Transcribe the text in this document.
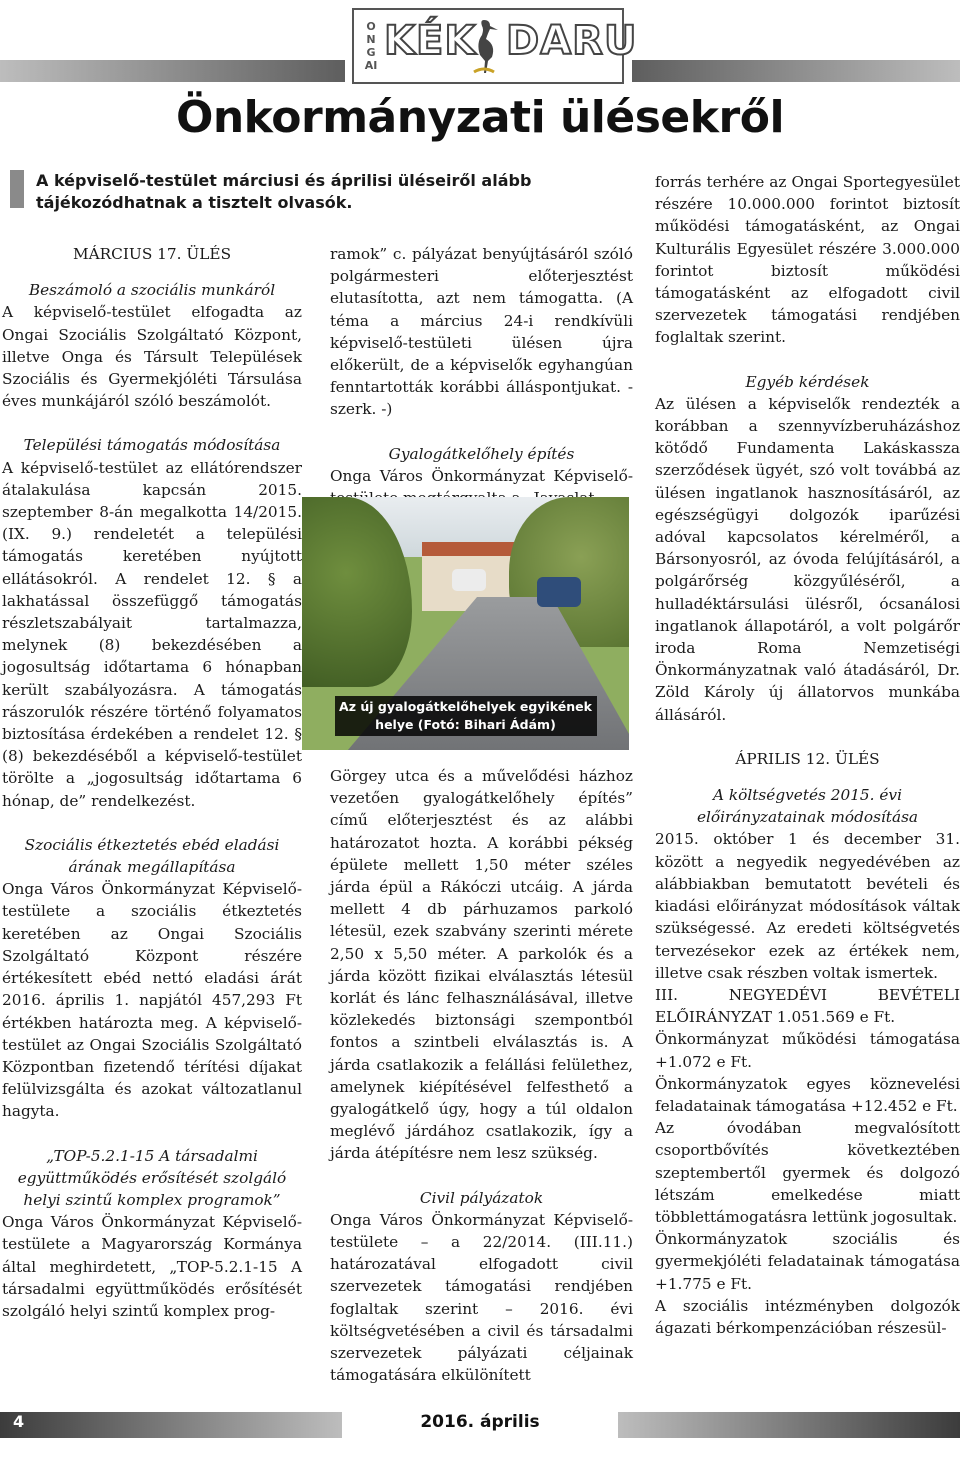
ONGAI
KÉK DARU
Önkormányzati ülésekről
A képviselő-testület márciusi és áprilisi üléseiről alább tájékozódhatnak a tisztelt olvasók.

MÁRCIUS 17. ÜLÉS

Beszámoló a szociális munkáról

A képviselő-testület elfogadta az Ongai Szociális Szolgáltató Központ, illetve Onga és Társult Települések Szociális és Gyermekjóléti Társulása éves munkájáról szóló beszámolót.

Települési támogatás módosítása

A képviselő-testület az ellátórendszer átalakulása kapcsán 2015. szeptember 8-án megalkotta 14/2015. (IX. 9.) rendeletét a települési támogatás keretében nyújtott ellátásokról. A rendelet 12. § a lakhatással összefüggő támogatás részletszabályait tartalmazza, melynek (8) bekezdésében a jogosultság időtartama 6 hónapban került szabályozásra. A támogatás rászorulók részére történő folyamatos biztosítása érdekében a rendelet 12. § (8) bekezdéséből a képviselő-testület törölte a „jogosultság időtartama 6 hónap, de” rendelkezést.

Szociális étkeztetés ebéd eladási árának megállapítása

Onga Város Önkormányzat Képviselő-testülete a szociális étkeztetés keretében az Ongai Szociális Szolgáltató Központ részére értékesített ebéd nettó eladási árát 2016. április 1. napjától 457,293 Ft értékben határozta meg. A képviselő-testület az Ongai Szociális Szolgáltató Központban fizetendő térítési díjakat felülvizsgálta és azokat változatlanul hagyta.

„TOP-5.2.1-15 A társadalmi együttműködés erősítését szolgáló helyi szintű komplex programok”

Onga Város Önkormányzat Képviselő-testülete a Magyarország Kormánya által meghirdetett, „TOP-5.2.1-15 A társadalmi együttműködés erősítését szolgáló helyi szintű komplex prog-

ramok” c. pályázat benyújtásáról szóló polgármesteri előterjesztést elutasította, azt nem támogatta. (A téma a március 24-i rendkívüli képviselő-testületi ülésen újra előkerült, de a képviselők egyhangúan fenntartották korábbi álláspontjukat. - szerk. -)

Gyalogátkelőhely építés

Onga Város Önkormányzat Képviselő-

Az új gyalogátkelőhelyek egyikének helye (Fotó: Bihari Ádám)

Görgey utca és a művelődési házhoz vezetően gyalogátkelőhely építés” című előterjesztést és az alábbi határozatot hozta. A korábbi pékség épülete mellett 1,50 méter széles járda épül a Rákóczi utcáig. A járda mellett 4 db párhuzamos parkoló létesül, ezek szabvány szerinti mérete 2,50 x 5,50 méter. A parkolók és a járda között fizikai elválasztás létesül korlát és lánc felhasználásával, illetve közlekedés biztonsági szempontból fontos a szintbeli elválasztás is. A járda csatlakozik a felállási felülethez, amelynek kiépítésével felfesthető a gyalogátkelő úgy, hogy a túl oldalon meglévő járdához csatlakozik, így a járda átépítésre nem lesz szükség.

Civil pályázatok

Onga Város Önkormányzat Képviselő-testülete – a 22/2014. (III.11.) határozatával elfogadott civil szervezetek támogatási rendjében foglaltak szerint – 2016. évi költségvetésében a civil és társadalmi szervezetek pályázati céljainak támogatására elkülönített

forrás terhére az Ongai Sportegyesület részére 10.000.000 forintot biztosít működési támogatásként, az Ongai Kulturális Egyesület részére 3.000.000 forintot biztosít működési támogatásként az elfogadott civil szervezetek támogatási rendjében foglaltak szerint.

Egyéb kérdések

Az ülésen a képviselők rendezték a korábban a szennyvízberuházáshoz kötődő Fundamenta Lakáskassza szerződések ügyét, szó volt továbbá az ülésen ingatlanok hasznosításáról, az egészségügyi dolgozók iparűzési adóval kapcsolatos kérelméről, a Bársonyosról, az óvoda felújításáról, a polgárőrség közgyűléséről, a hulladéktársulási ülésről, ócsanálosi ingatlanok állapotáról, a volt polgárőr iroda Roma Nemzetiségi Önkormányzatnak való átadásáról, Dr. Zöld Károly új állatorvos munkába állásáról.

ÁPRILIS 12. ÜLÉS

A költségvetés 2015. évi előirányzatainak módosítása

2015. október 1 és december 31. között a negyedik negyedévében az alábbiakban bemutatott bevételi és kiadási előirányzat módosítások váltak szükségessé. Az eredeti költségvetés tervezésekor ezek az értékek nem, illetve csak részben voltak ismertek.

III. NEGYEDÉVI BEVÉTELI ELŐIRÁNYZAT 1.051.569 e Ft.

Önkormányzat működési támogatása +1.072 e Ft.

Önkormányzatok egyes köznevelési feladatainak támogatása +12.452 e Ft.

Az óvodában megvalósított csoportbővítés következtében szeptembertől gyermek és dolgozó létszám emelkedése miatt többlettámogatásra lettünk jogosultak.

Önkormányzatok szociális és gyermekjóléti feladatainak támogatása +1.775 e Ft.

A szociális intézményben dolgozók ágazati bérkompenzációban részesül-

4	2016. április
